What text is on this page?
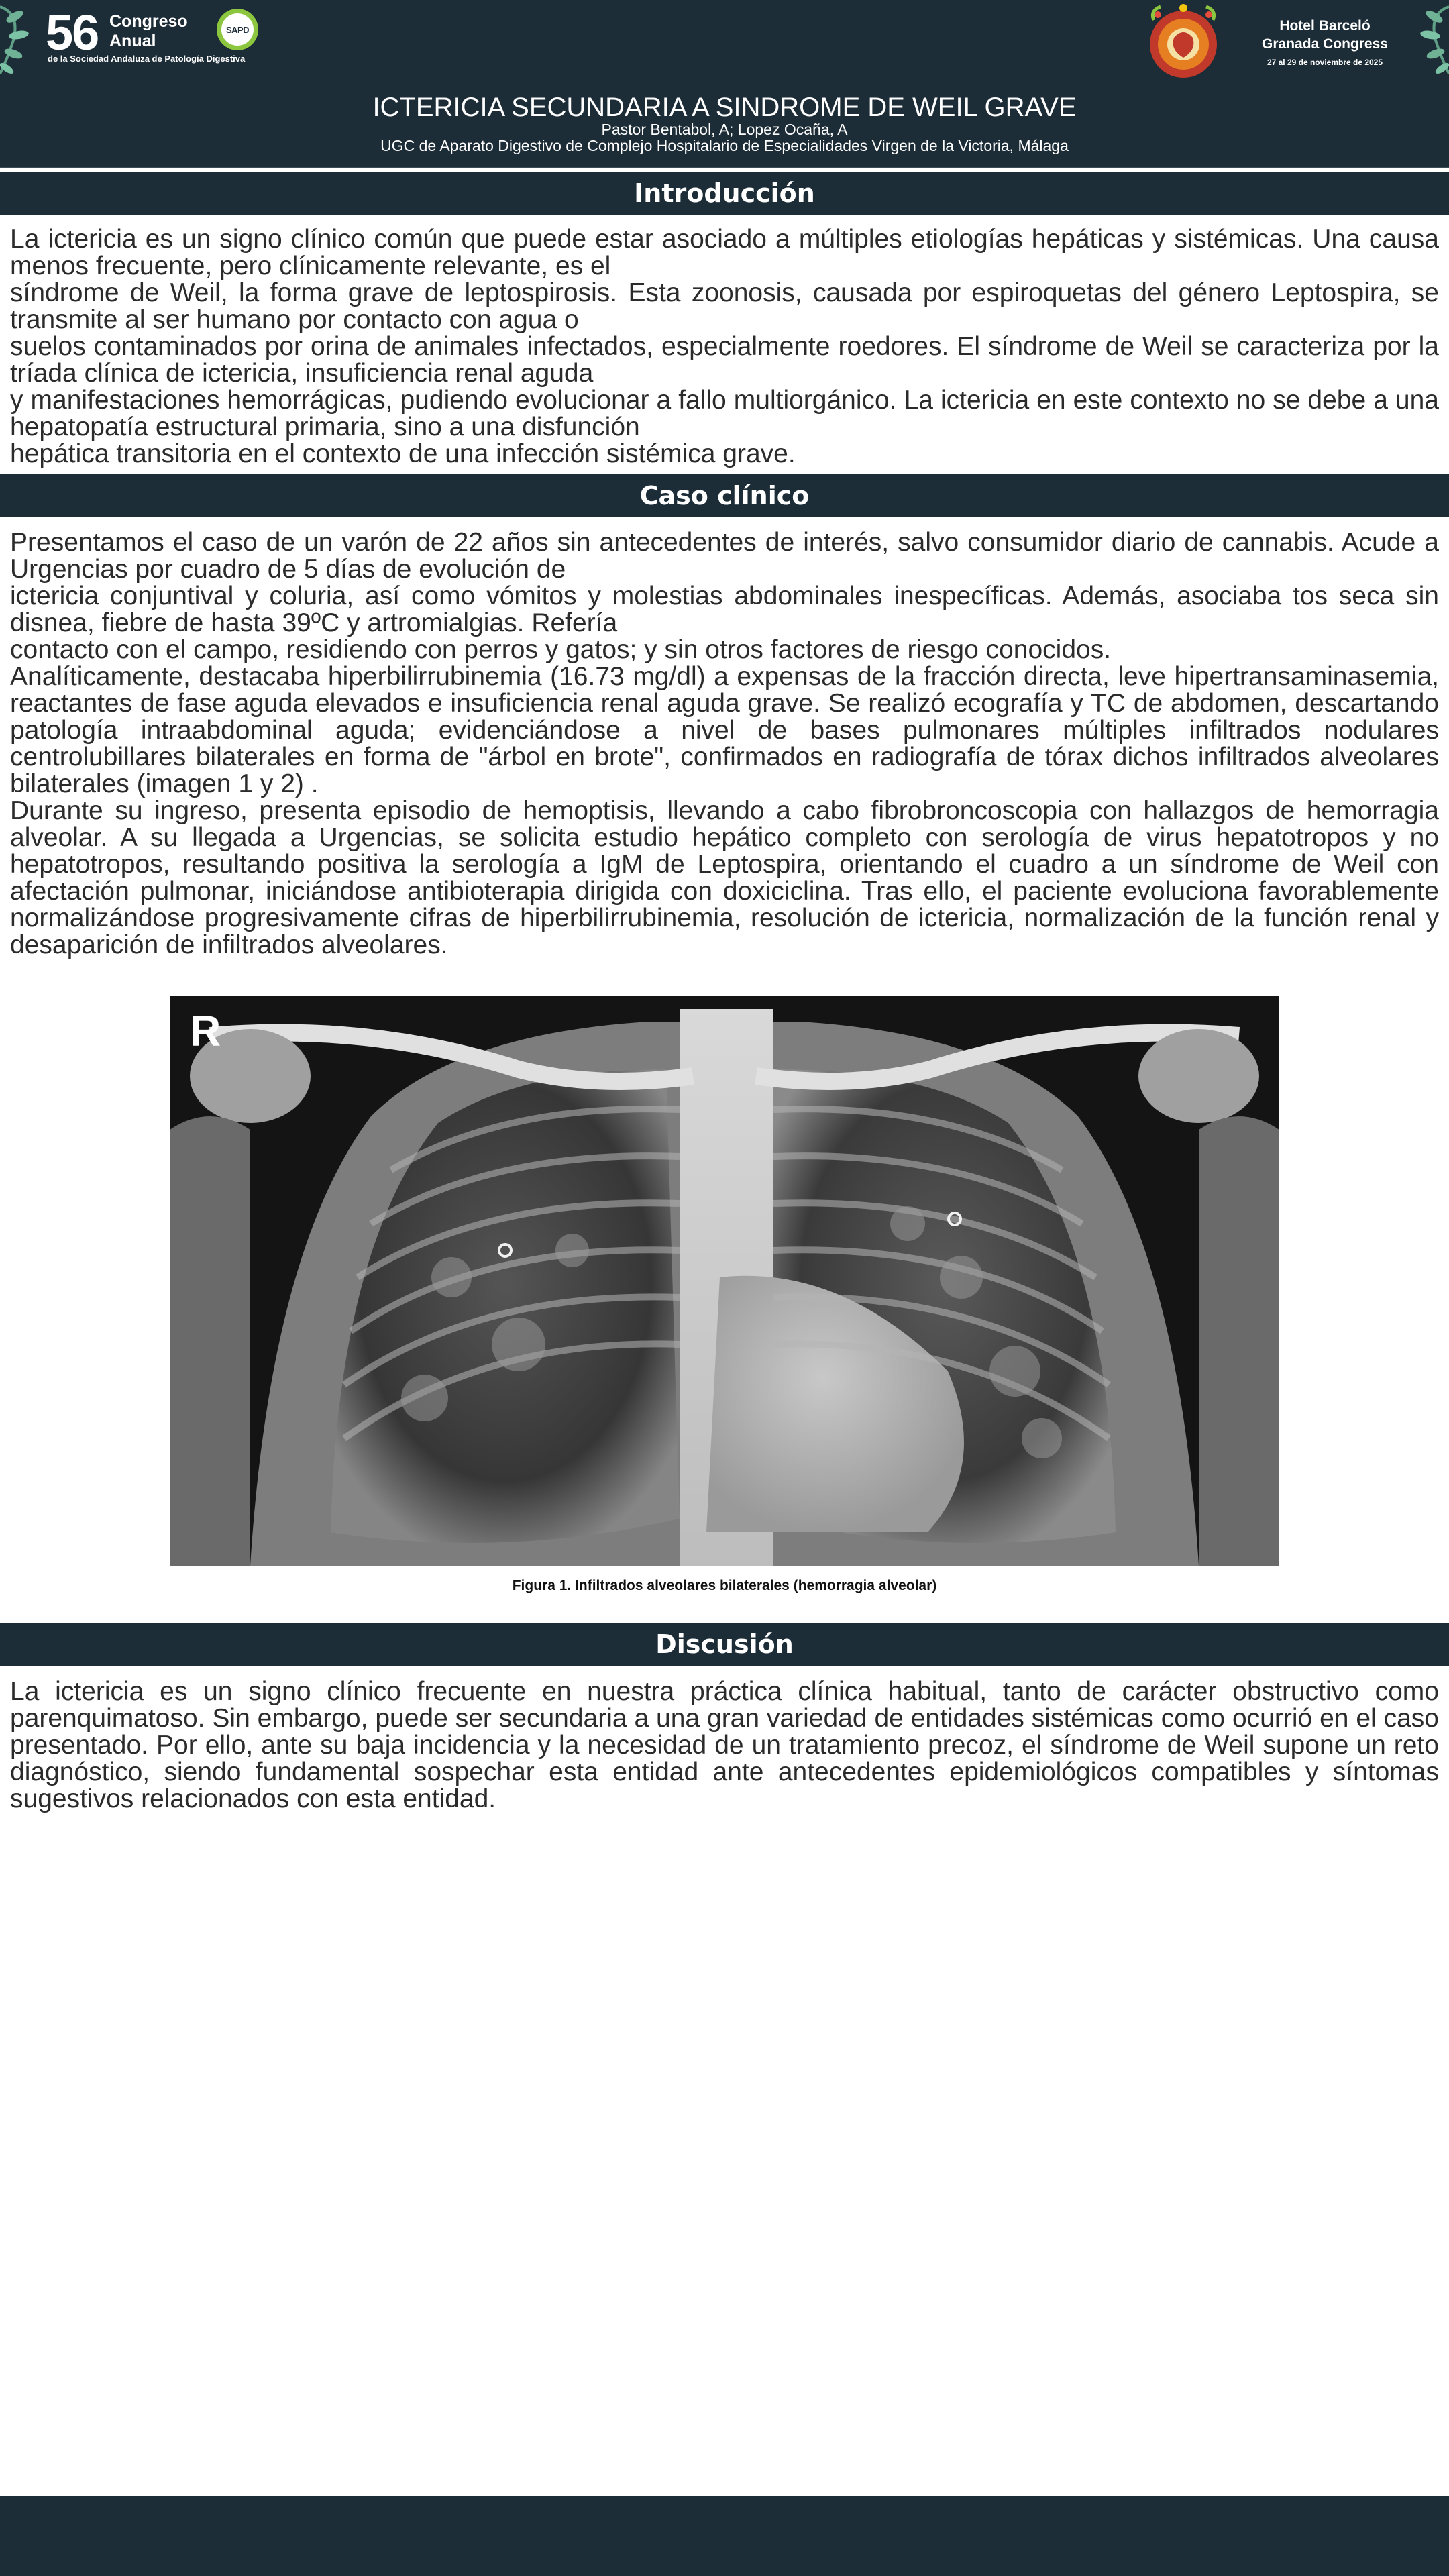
56 Congreso
Anual
de la Sociedad Andaluza de Patología Digestiva
SAPD	Hotel Barceló
Granada Congress
27 al 29 de noviembre de 2025
ICTERICIA SECUNDARIA A SINDROME DE WEIL GRAVE
Pastor Bentabol, A; Lopez Ocaña, A
UGC de Aparato Digestivo de Complejo Hospitalario de Especialidades Virgen de la Victoria, Málaga
Introducción

La ictericia es un signo clínico común que puede estar asociado a múltiples etiologías hepáticas y sistémicas. Una causa menos frecuente, pero clínicamente relevante, es el

síndrome de Weil, la forma grave de leptospirosis. Esta zoonosis, causada por espiroquetas del género Leptospira, se transmite al ser humano por contacto con agua o

suelos contaminados por orina de animales infectados, especialmente roedores. El síndrome de Weil se caracteriza por la tríada clínica de ictericia, insuficiencia renal aguda

y manifestaciones hemorrágicas, pudiendo evolucionar a fallo multiorgánico. La ictericia en este contexto no se debe a una hepatopatía estructural primaria, sino a una disfunción

hepática transitoria en el contexto de una infección sistémica grave.

Caso clínico

Presentamos el caso de un varón de 22 años sin antecedentes de interés, salvo consumidor diario de cannabis. Acude a Urgencias por cuadro de 5 días de evolución de

ictericia conjuntival y coluria, así como vómitos y molestias abdominales inespecíficas. Además, asociaba tos seca sin disnea, fiebre de hasta 39ºC y artromialgias. Refería

contacto con el campo, residiendo con perros y gatos; y sin otros factores de riesgo conocidos.

Analíticamente, destacaba hiperbilirrubinemia (16.73 mg/dl) a expensas de la fracción directa, leve hipertransaminasemia, reactantes de fase aguda elevados e insuficiencia renal aguda grave. Se realizó ecografía y TC de abdomen, descartando patología intraabdominal aguda; evidenciándose a nivel de bases pulmonares múltiples infiltrados nodulares centrolubillares bilaterales en forma de "árbol en brote", confirmados en radiografía de tórax dichos infiltrados alveolares bilaterales (imagen 1 y 2) .

Durante su ingreso, presenta episodio de hemoptisis, llevando a cabo fibrobroncoscopia con hallazgos de hemorragia alveolar. A su llegada a Urgencias, se solicita estudio hepático completo con serología de virus hepatotropos y no hepatotropos, resultando positiva la serología a IgM de Leptospira, orientando el cuadro a un síndrome de Weil con afectación pulmonar, iniciándose antibioterapia dirigida con doxiciclina. Tras ello, el paciente evoluciona favorablemente normalizándose progresivamente cifras de hiperbilirrubinemia, resolución de ictericia, normalización de la función renal y desaparición de infiltrados alveolares.

R
Figura 1. Infiltrados alveolares bilaterales (hemorragia alveolar)
Discusión

La ictericia es un signo clínico frecuente en nuestra práctica clínica habitual, tanto de carácter obstructivo como parenquimatoso. Sin embargo, puede ser secundaria a una gran variedad de entidades sistémicas como ocurrió en el caso presentado. Por ello, ante su baja incidencia y la necesidad de un tratamiento precoz, el síndrome de Weil supone un reto diagnóstico, siendo fundamental sospechar esta entidad ante antecedentes epidemiológicos compatibles y síntomas sugestivos relacionados con esta entidad.
